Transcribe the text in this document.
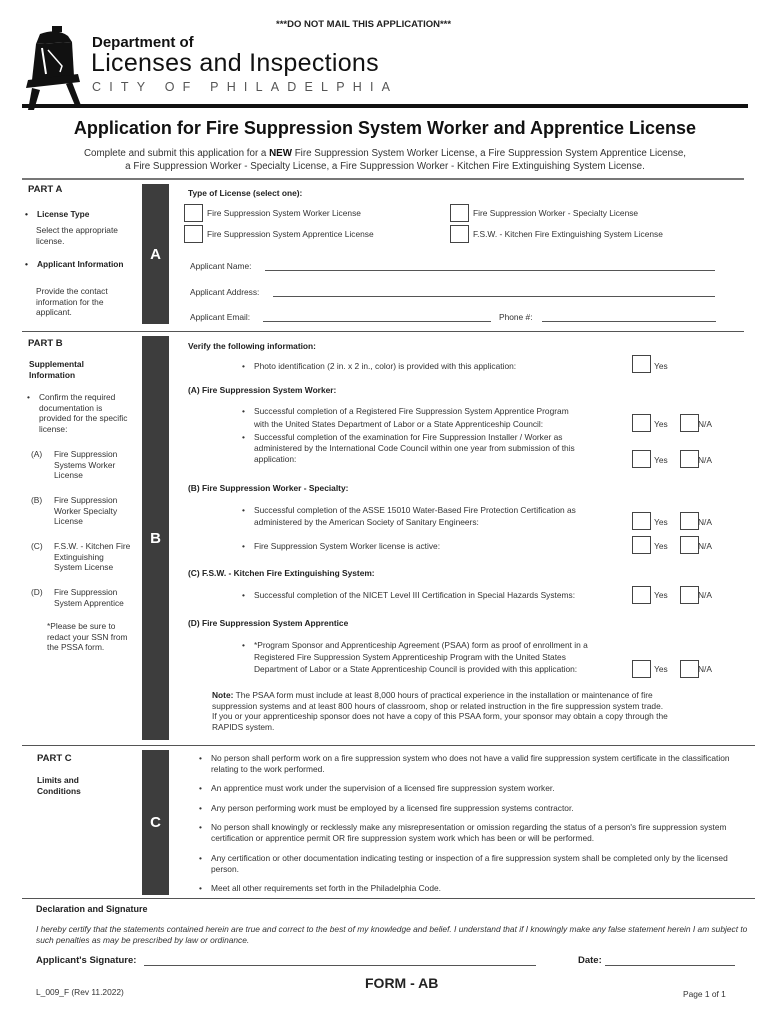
***DO NOT MAIL THIS APPLICATION***
Department of
Licenses and Inspections
CITY OF PHILADELPHIA
Application for Fire Suppression System Worker and Apprentice License
Complete and submit this application for a NEW Fire Suppression System Worker License, a Fire Suppression System Apprentice License,
a Fire Suppression Worker - Specialty License, a Fire Suppression Worker - Kitchen Fire Extinguishing System License.
PART A
A
• License Type
Select the appropriate license.
• Applicant Information
Provide the contact information for the applicant.
Type of License (select one):
Fire Suppression System Worker License	Fire Suppression Worker - Specialty License
Fire Suppression System Apprentice License	F.S.W. - Kitchen Fire Extinguishing System License
Applicant Name:
Applicant Address:
Applicant Email:	Phone #:
PART B
B
Supplemental Information
• Confirm the required documentation is provided for the specific license:
(A) Fire Suppression Systems Worker License
(B) Fire Suppression Worker Specialty License
(C) F.S.W. - Kitchen Fire Extinguishing System License
(D) Fire Suppression System Apprentice
*Please be sure to redact your SSN from the PSSA form.
Verify the following information:
• Photo identification (2 in. x 2 in., color) is provided with this application:	Yes
(A) Fire Suppression System Worker:
• Successful completion of a Registered Fire Suppression System Apprentice Program
with the United States Department of Labor or a State Apprenticeship Council:	Yes	N/A
• Successful completion of the examination for Fire Suppression Installer / Worker as
administered by the International Code Council within one year from submission of this
application:	Yes	N/A
(B) Fire Suppression Worker - Specialty:
• Successful completion of the ASSE 15010 Water-Based Fire Protection Certification as
administered by the American Society of Sanitary Engineers:	Yes	N/A
• Fire Suppression System Worker license is active:	Yes	N/A
(C) F.S.W. - Kitchen Fire Extinguishing System:
• Successful completion of the NICET Level III Certification in Special Hazards Systems:	Yes	N/A
(D) Fire Suppression System Apprentice
• *Program Sponsor and Apprenticeship Agreement (PSAA) form as proof of enrollment in a
Registered Fire Suppression System Apprenticeship Program with the United States
Department of Labor or a State Apprenticeship Council is provided with this application:	Yes	N/A
Note: The PSAA form must include at least 8,000 hours of practical experience in the installation or maintenance of fire
suppression systems and at least 800 hours of classroom, shop or related instruction in the fire suppression system trade.
If you or your apprenticeship sponsor does not have a copy of this PSAA form, your sponsor may obtain a copy through the
RAPIDS system.
PART C
Limits and Conditions
C
• No person shall perform work on a fire suppression system who does not have a valid fire suppression system certificate in the classification relating to the work performed.
• An apprentice must work under the supervision of a licensed fire suppression system worker.
• Any person performing work must be employed by a licensed fire suppression systems contractor.
• No person shall knowingly or recklessly make any misrepresentation or omission regarding the status of a person's fire suppression system certification or apprentice permit OR fire suppression system work which has been or will be performed.
• Any certification or other documentation indicating testing or inspection of a fire suppression system shall be completed only by the licensed person.
• Meet all other requirements set forth in the Philadelphia Code.
Declaration and Signature
I hereby certify that the statements contained herein are true and correct to the best of my knowledge and belief. I understand that if I knowingly make any false statement herein I am subject to such penalties as may be prescribed by law or ordinance.
Applicant's Signature:	Date:
L_009_F (Rev 11.2022)
FORM - AB
Page 1 of 1
